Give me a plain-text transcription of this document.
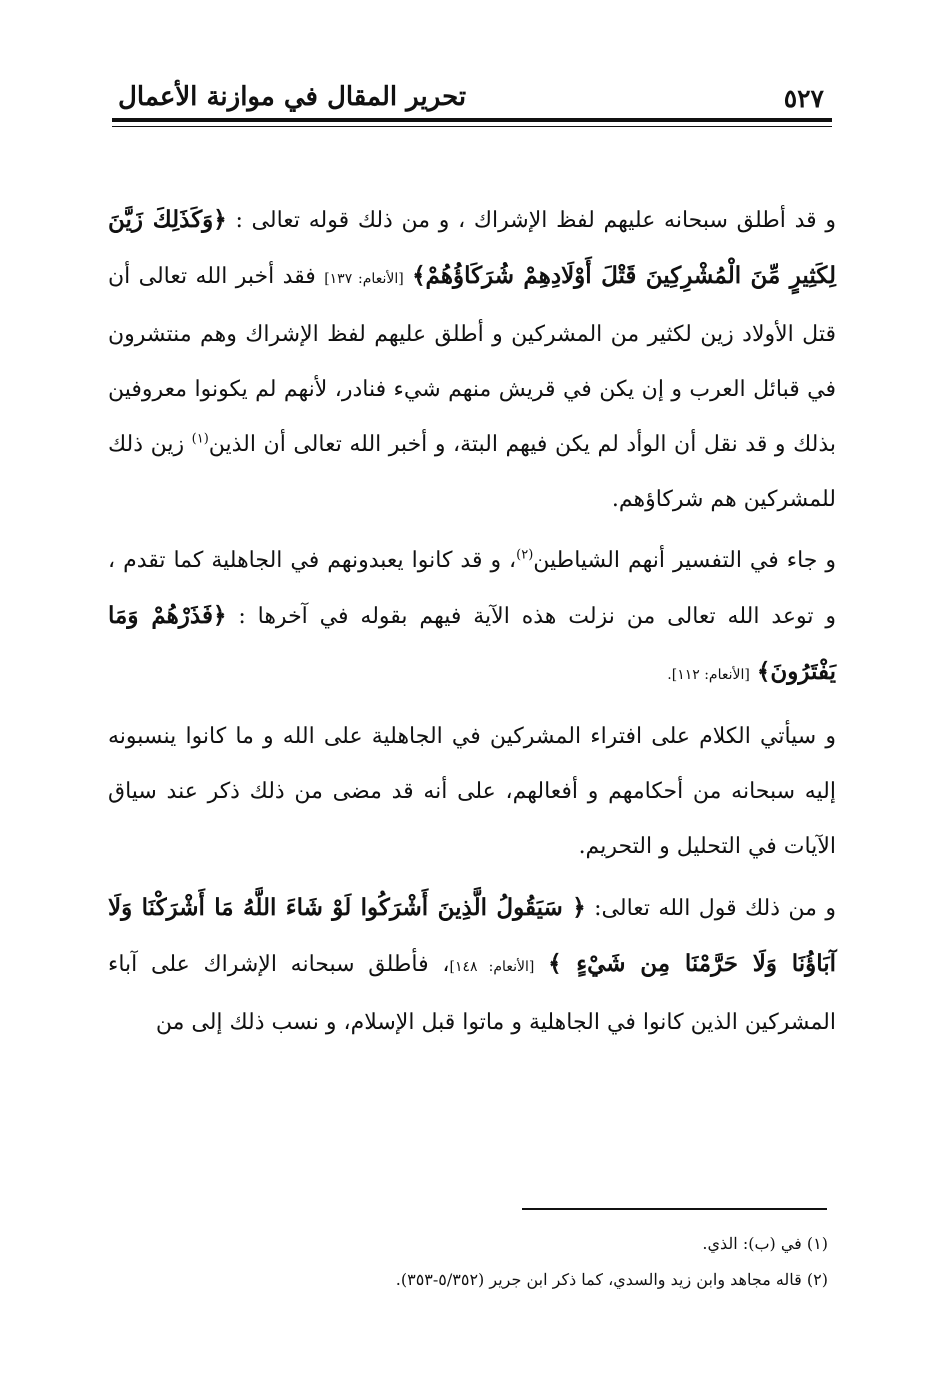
٥٢٧
تحرير المقال في موازنة الأعمال

و قد أطلق سبحانه عليهم لفظ الإشراك ، و من ذلك قوله تعالى : ﴿وَكَذَلِكَ زَيَّنَ لِكَثِيرٍ مِّنَ الْمُشْرِكِينَ قَتْلَ أَوْلَادِهِمْ شُرَكَاؤُهُمْ﴾ [الأنعام: ١٣٧] فقد أخبر الله تعالى أن قتل الأولاد زين لكثير من المشركين و أطلق عليهم لفظ الإشراك وهم منتشرون في قبائل العرب و إن يكن في قريش منهم شيء فنادر، لأنهم لم يكونوا معروفين بذلك و قد نقل أن الوأد لم يكن فيهم البتة، و أخبر الله تعالى أن الذين$^{(١)}$ زين ذلك للمشركين هم شركاؤهم.

و جاء في التفسير أنهم الشياطين$^{(٢)}$، و قد كانوا يعبدونهم في الجاهلية كما تقدم ، و توعد الله تعالى من نزلت هذه الآية فيهم بقوله في آخرها : ﴿فَذَرْهُمْ وَمَا يَفْتَرُونَ﴾ [الأنعام: ١١٢].

و سيأتي الكلام على افتراء المشركين في الجاهلية على الله و ما كانوا ينسبونه إليه سبحانه من أحكامهم و أفعالهم، على أنه قد مضى من ذلك ذكر عند سياق الآيات في التحليل و التحريم.

و من ذلك قول الله تعالى: ﴿ سَيَقُولُ الَّذِينَ أَشْرَكُوا لَوْ شَاءَ اللَّهُ مَا أَشْرَكْنَا وَلَا آبَاؤُنَا وَلَا حَرَّمْنَا مِن شَيْءٍ ﴾ [الأنعام: ١٤٨]، فأطلق سبحانه الإشراك على آباء المشركين الذين كانوا في الجاهلية و ماتوا قبل الإسلام، و نسب ذلك إلى من

(١) في (ب): الذي.
(٢) قاله مجاهد وابن زيد والسدي، كما ذكر ابن جرير (٥/٣٥٢-٣٥٣).
